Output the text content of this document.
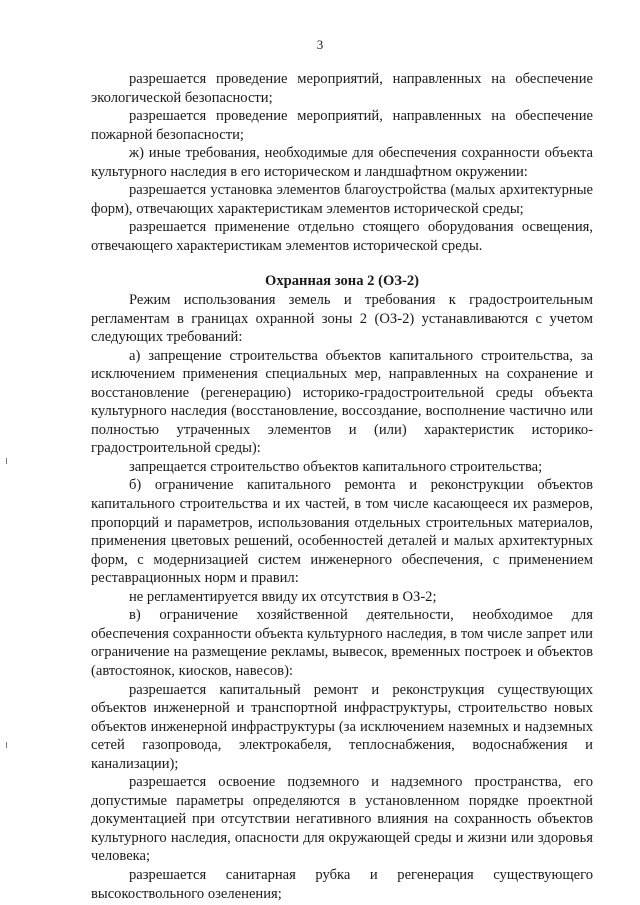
3

разрешается проведение мероприятий, направленных на обеспечение экологической безопасности;

разрешается проведение мероприятий, направленных на обеспечение пожарной безопасности;

ж) иные требования, необходимые для обеспечения сохранности объекта культурного наследия в его историческом и ландшафтном окружении:

разрешается установка элементов благоустройства (малых архитектурные форм), отвечающих характеристикам элементов исторической среды;

разрешается применение отдельно стоящего оборудования освещения, отвечающего характеристикам элементов исторической среды.

Охранная зона 2 (ОЗ-2)

Режим использования земель и требования к градостроительным регламентам в границах охранной зоны 2 (ОЗ-2) устанавливаются с учетом следующих требований:

а) запрещение строительства объектов капитального строительства, за исключением применения специальных мер, направленных на сохранение и восстановление (регенерацию) историко-градостроительной среды объекта культурного наследия (восстановление, воссоздание, восполнение частично или полностью утраченных элементов и (или) характеристик историко-градостроительной среды):

запрещается строительство объектов капитального строительства;

б) ограничение капитального ремонта и реконструкции объектов капитального строительства и их частей, в том числе касающееся их размеров, пропорций и параметров, использования отдельных строительных материалов, применения цветовых решений, особенностей деталей и малых архитектурных форм, с модернизацией систем инженерного обеспечения, с применением реставрационных норм и правил:

не регламентируется ввиду их отсутствия в ОЗ-2;

в) ограничение хозяйственной деятельности, необходимое для обеспечения сохранности объекта культурного наследия, в том числе запрет или ограничение на размещение рекламы, вывесок, временных построек и объектов (автостоянок, киосков, навесов):

разрешается капитальный ремонт и реконструкция существующих объектов инженерной и транспортной инфраструктуры, строительство новых объектов инженерной инфраструктуры (за исключением наземных и надземных сетей газопровода, электрокабеля, теплоснабжения, водоснабжения и канализации);

разрешается освоение подземного и надземного пространства, его допустимые параметры определяются в установленном порядке проектной документацией при отсутствии негативного влияния на сохранность объектов культурного наследия, опасности для окружающей среды и жизни или здоровья человека;

разрешается санитарная рубка и регенерация существующего высокоствольного озеленения;
